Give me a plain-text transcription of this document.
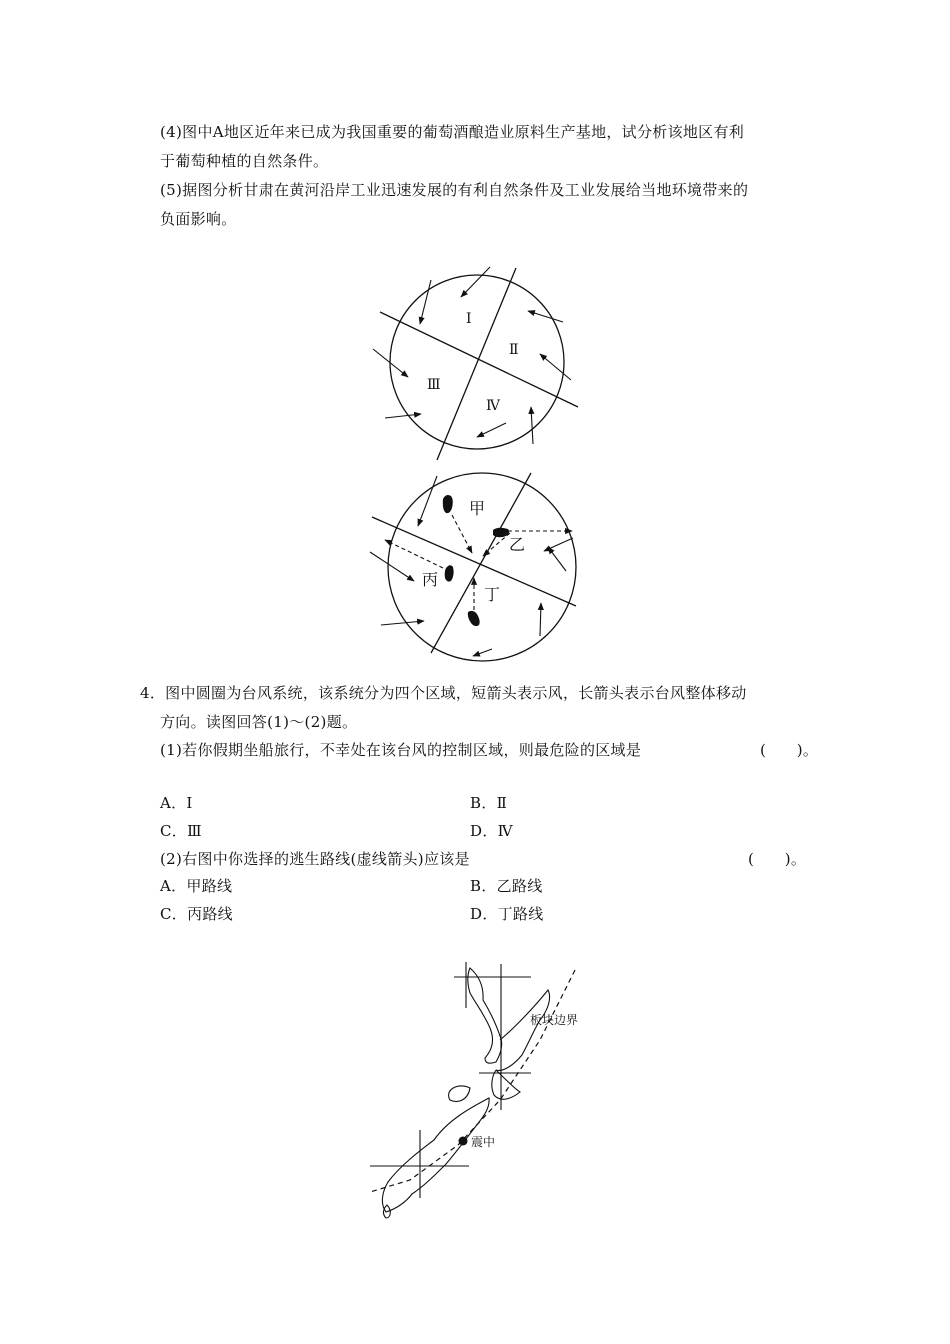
(4)图中A地区近年来已成为我国重要的葡萄酒酿造业原料生产基地，试分析该地区有利
于葡萄种植的自然条件。
(5)据图分析甘肃在黄河沿岸工业迅速发展的有利自然条件及工业发展给当地环境带来的
负面影响。
Ⅰ
Ⅱ
Ⅲ
Ⅳ
甲
乙
丙
丁
板块边界
震中
4．图中圆圈为台风系统，该系统分为四个区域，短箭头表示风，长箭头表示台风整体移动
方向。读图回答(1)～(2)题。
(1)若你假期坐船旅行，不幸处在该台风的控制区域，则最危险的区域是	(　　)。
A．Ⅰ	B．Ⅱ
C．Ⅲ	D．Ⅳ
(2)右图中你选择的逃生路线(虚线箭头)应该是	(　　)。
A．甲路线	B．乙路线
C．丙路线	D．丁路线
